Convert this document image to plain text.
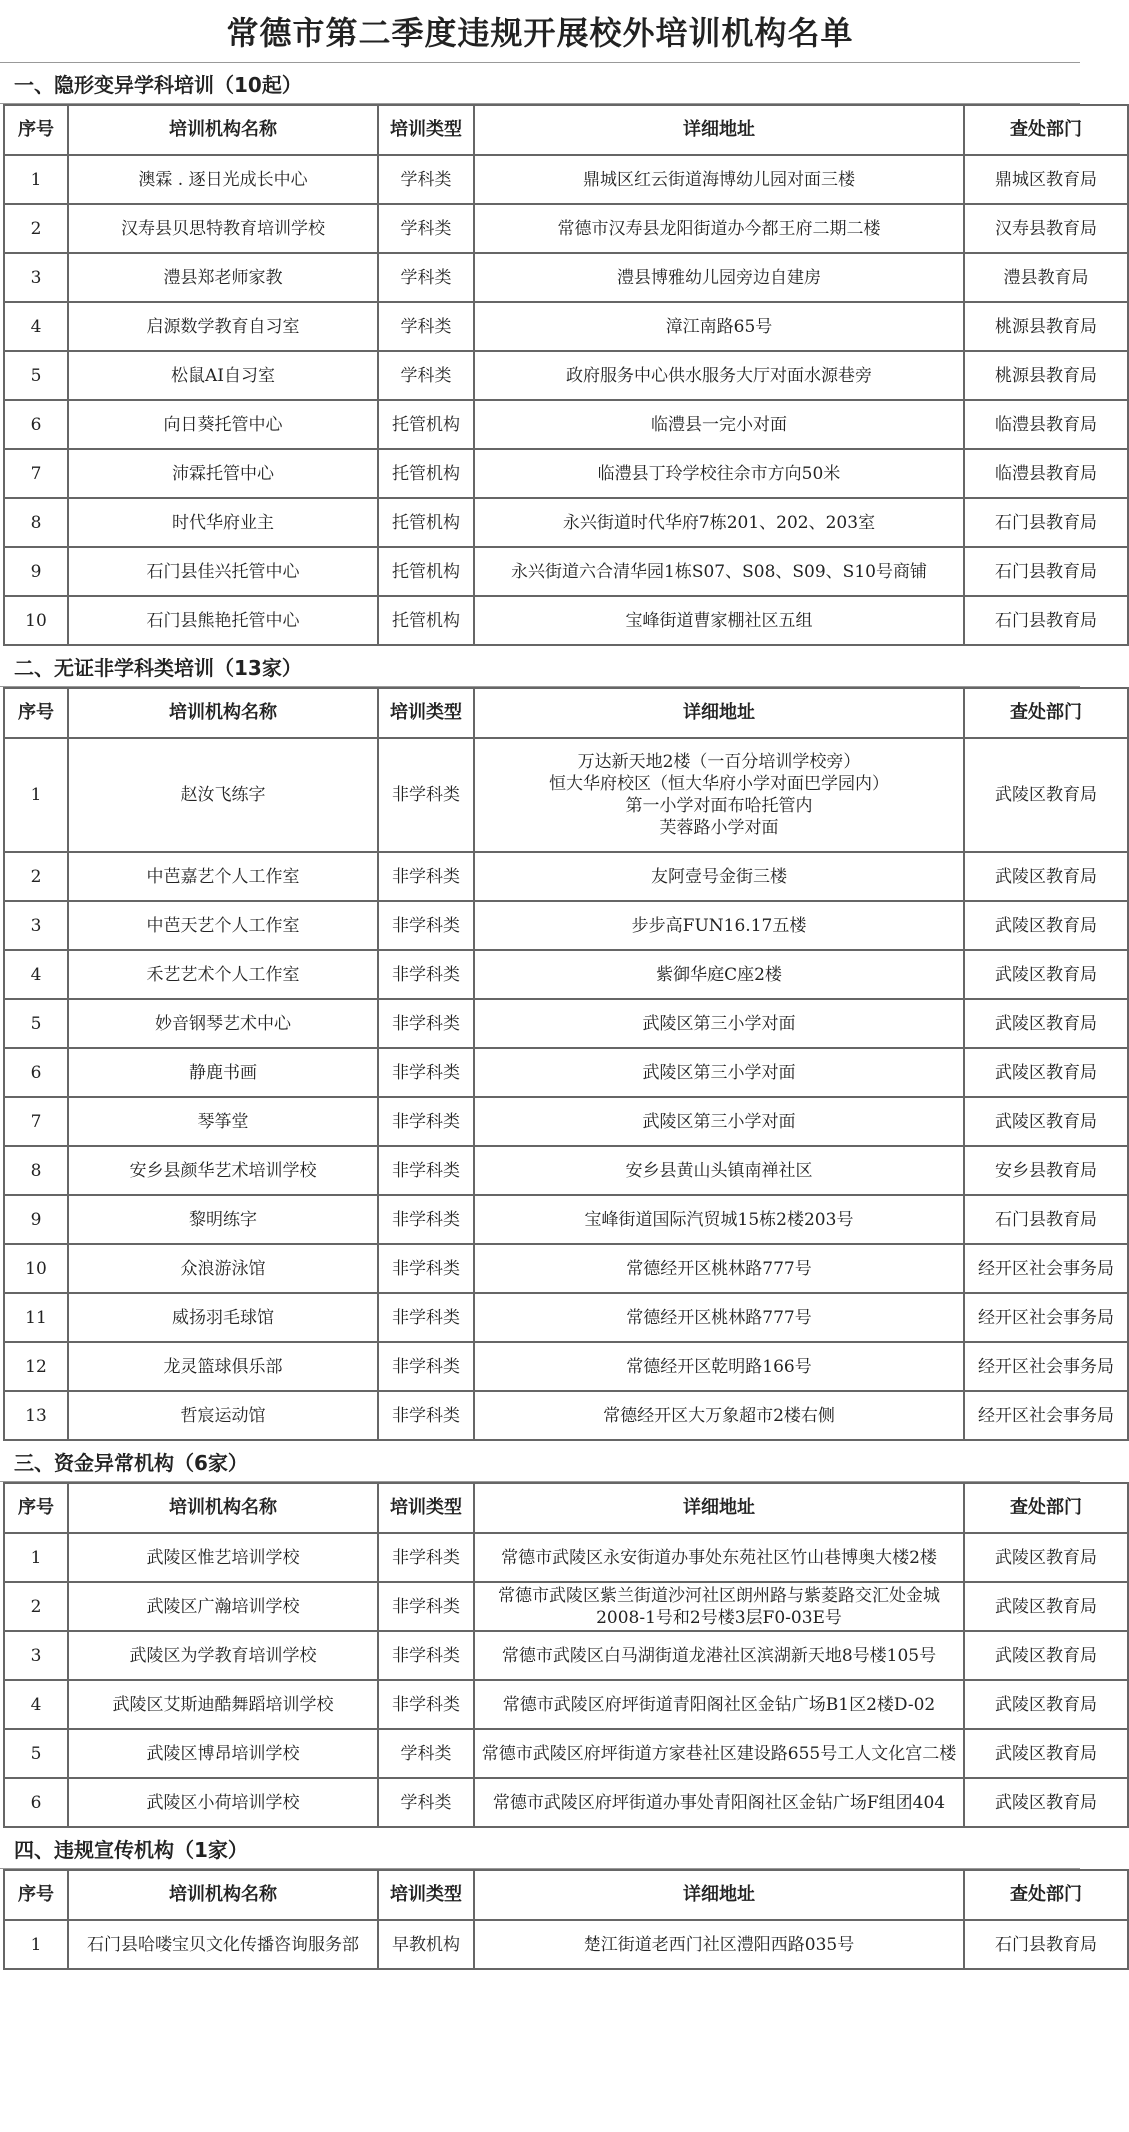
常德市第二季度违规开展校外培训机构名单
一、隐形变异学科培训（10起）
序号	培训机构名称	培训类型	详细地址	查处部门
1	澳霖 . 逐日光成长中心	学科类	鼎城区红云街道海博幼儿园对面三楼	鼎城区教育局
2	汉寿县贝思特教育培训学校	学科类	常德市汉寿县龙阳街道办今都王府二期二楼	汉寿县教育局
3	澧县郑老师家教	学科类	澧县博雅幼儿园旁边自建房	澧县教育局
4	启源数学教育自习室	学科类	漳江南路65号	桃源县教育局
5	松鼠AI自习室	学科类	政府服务中心供水服务大厅对面水源巷旁	桃源县教育局
6	向日葵托管中心	托管机构	临澧县一完小对面	临澧县教育局
7	沛霖托管中心	托管机构	临澧县丁玲学校往佘市方向50米	临澧县教育局
8	时代华府业主	托管机构	永兴街道时代华府7栋201、202、203室	石门县教育局
9	石门县佳兴托管中心	托管机构	永兴街道六合清华园1栋S07、S08、S09、S10号商铺	石门县教育局
10	石门县熊艳托管中心	托管机构	宝峰街道曹家棚社区五组	石门县教育局
二、无证非学科类培训（13家）
序号	培训机构名称	培训类型	详细地址	查处部门
1	赵汝飞练字	非学科类	万达新天地2楼（一百分培训学校旁）
恒大华府校区（恒大华府小学对面巴学园内）
第一小学对面布哈托管内
芙蓉路小学对面	武陵区教育局
2	中芭嘉艺个人工作室	非学科类	友阿壹号金街三楼	武陵区教育局
3	中芭天艺个人工作室	非学科类	步步高FUN16.17五楼	武陵区教育局
4	禾艺艺术个人工作室	非学科类	紫御华庭C座2楼	武陵区教育局
5	妙音钢琴艺术中心	非学科类	武陵区第三小学对面	武陵区教育局
6	静鹿书画	非学科类	武陵区第三小学对面	武陵区教育局
7	琴筝堂	非学科类	武陵区第三小学对面	武陵区教育局
8	安乡县颜华艺术培训学校	非学科类	安乡县黄山头镇南禅社区	安乡县教育局
9	黎明练字	非学科类	宝峰街道国际汽贸城15栋2楼203号	石门县教育局
10	众浪游泳馆	非学科类	常德经开区桃林路777号	经开区社会事务局
11	威扬羽毛球馆	非学科类	常德经开区桃林路777号	经开区社会事务局
12	龙灵篮球俱乐部	非学科类	常德经开区乾明路166号	经开区社会事务局
13	哲宸运动馆	非学科类	常德经开区大万象超市2楼右侧	经开区社会事务局
三、资金异常机构（6家）
序号	培训机构名称	培训类型	详细地址	查处部门
1	武陵区惟艺培训学校	非学科类	常德市武陵区永安街道办事处东苑社区竹山巷博奥大楼2楼	武陵区教育局
2	武陵区广瀚培训学校	非学科类	常德市武陵区紫兰街道沙河社区朗州路与紫菱路交汇处金城2008-1号和2号楼3层F0-03E号	武陵区教育局
3	武陵区为学教育培训学校	非学科类	常德市武陵区白马湖街道龙港社区滨湖新天地8号楼105号	武陵区教育局
4	武陵区艾斯迪酷舞蹈培训学校	非学科类	常德市武陵区府坪街道青阳阁社区金钻广场B1区2楼D-02	武陵区教育局
5	武陵区博昂培训学校	学科类	常德市武陵区府坪街道方家巷社区建设路655号工人文化宫二楼	武陵区教育局
6	武陵区小荷培训学校	学科类	常德市武陵区府坪街道办事处青阳阁社区金钻广场F组团404	武陵区教育局
四、违规宣传机构（1家）
序号	培训机构名称	培训类型	详细地址	查处部门
1	石门县哈喽宝贝文化传播咨询服务部	早教机构	楚江街道老西门社区澧阳西路035号	石门县教育局
